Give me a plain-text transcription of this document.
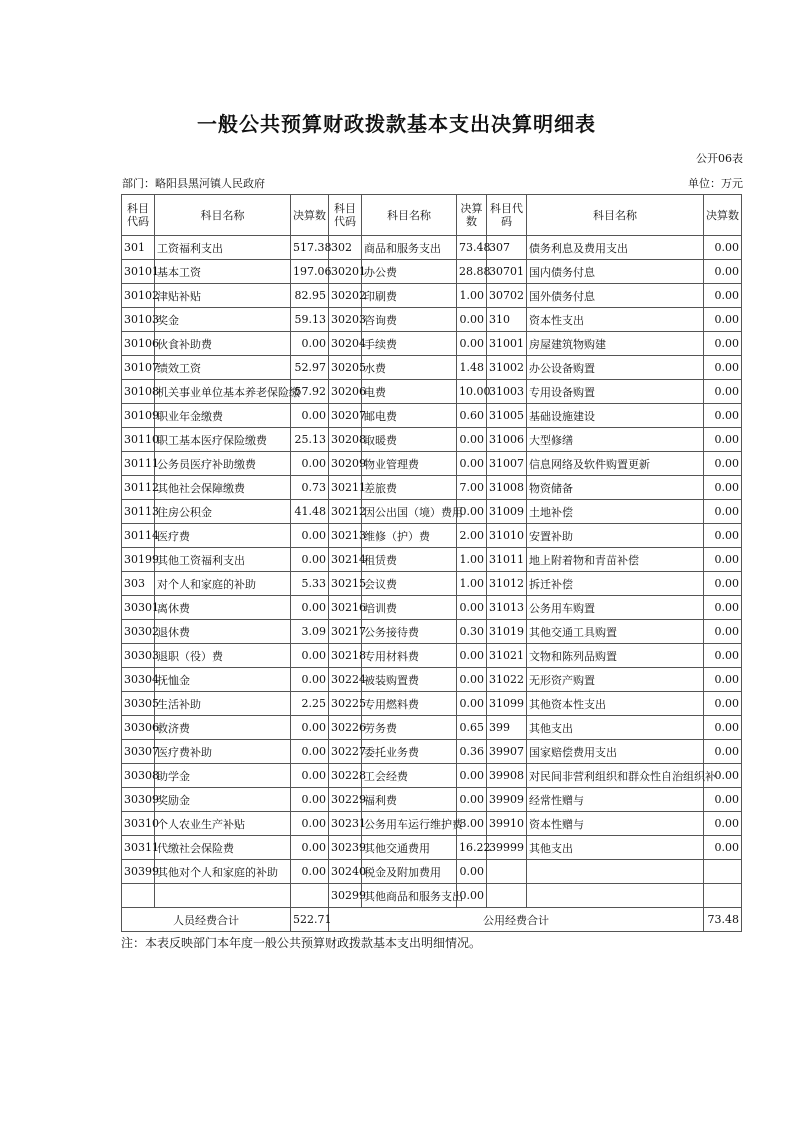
一般公共预算财政拨款基本支出决算明细表
公开06表
部门：略阳县黑河镇人民政府	单位：万元
科目代码	科目名称	决算数	科目代码	科目名称	决算数	科目代码	科目名称	决算数
301	工资福利支出	517.38	302	商品和服务支出	73.48	307	债务利息及费用支出	0.00
30101	基本工资	197.06	30201	办公费	28.88	30701	国内债务付息	0.00
30102	津贴补贴	82.95	30202	印刷费	1.00	30702	国外债务付息	0.00
30103	奖金	59.13	30203	咨询费	0.00	310	资本性支出	0.00
30106	伙食补助费	0.00	30204	手续费	0.00	31001	房屋建筑物购建	0.00
30107	绩效工资	52.97	30205	水费	1.48	31002	办公设备购置	0.00
30108	机关事业单位基本养老保险缴	57.92	30206	电费	10.00	31003	专用设备购置	0.00
30109	职业年金缴费	0.00	30207	邮电费	0.60	31005	基础设施建设	0.00
30110	职工基本医疗保险缴费	25.13	30208	取暖费	0.00	31006	大型修缮	0.00
30111	公务员医疗补助缴费	0.00	30209	物业管理费	0.00	31007	信息网络及软件购置更新	0.00
30112	其他社会保障缴费	0.73	30211	差旅费	7.00	31008	物资储备	0.00
30113	住房公积金	41.48	30212	因公出国（境）费用	0.00	31009	土地补偿	0.00
30114	医疗费	0.00	30213	维修（护）费	2.00	31010	安置补助	0.00
30199	其他工资福利支出	0.00	30214	租赁费	1.00	31011	地上附着物和青苗补偿	0.00
303	对个人和家庭的补助	5.33	30215	会议费	1.00	31012	拆迁补偿	0.00
30301	离休费	0.00	30216	培训费	0.00	31013	公务用车购置	0.00
30302	退休费	3.09	30217	公务接待费	0.30	31019	其他交通工具购置	0.00
30303	退职（役）费	0.00	30218	专用材料费	0.00	31021	文物和陈列品购置	0.00
30304	抚恤金	0.00	30224	被装购置费	0.00	31022	无形资产购置	0.00
30305	生活补助	2.25	30225	专用燃料费	0.00	31099	其他资本性支出	0.00
30306	救济费	0.00	30226	劳务费	0.65	399	其他支出	0.00
30307	医疗费补助	0.00	30227	委托业务费	0.36	39907	国家赔偿费用支出	0.00
30308	助学金	0.00	30228	工会经费	0.00	39908	对民间非营利组织和群众性自治组织补	0.00
30309	奖励金	0.00	30229	福利费	0.00	39909	经常性赠与	0.00
30310	个人农业生产补贴	0.00	30231	公务用车运行维护费	3.00	39910	资本性赠与	0.00
30311	代缴社会保险费	0.00	30239	其他交通费用	16.22	39999	其他支出	0.00
30399	其他对个人和家庭的补助	0.00	30240	税金及附加费用	0.00			
			30299	其他商品和服务支出	0.00			
人员经费合计		522.71	公用经费合计					73.48
注：本表反映部门本年度一般公共预算财政拨款基本支出明细情况。
